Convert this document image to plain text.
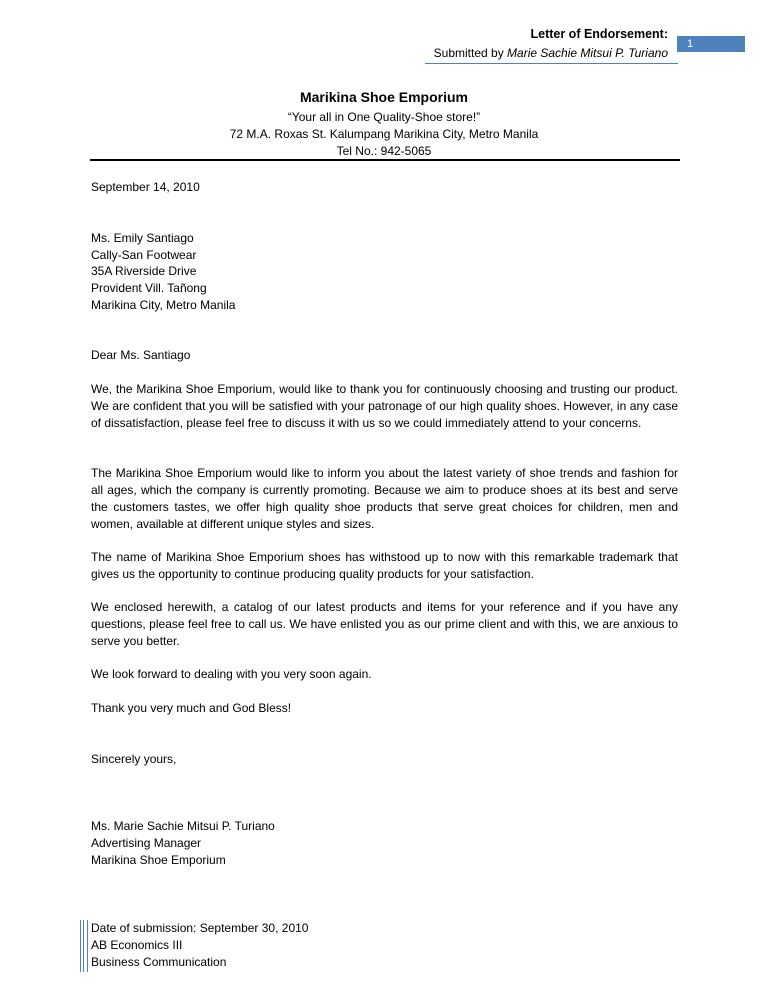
Letter of Endorsement:
Submitted by Marie Sachie Mitsui P. Turiano
1
Marikina Shoe Emporium
“Your all in One Quality-Shoe store!”
72 M.A. Roxas St. Kalumpang Marikina City, Metro Manila
Tel No.: 942-5065
September 14, 2010
Ms. Emily Santiago
Cally-San Footwear
35A Riverside Drive
Provident Vill. Tañong
Marikina City, Metro Manila
Dear Ms. Santiago
We, the Marikina Shoe Emporium, would like to thank you for continuously choosing and trusting our product. We are confident that you will be satisfied with your patronage of our high quality shoes. However, in any case of dissatisfaction, please feel free to discuss it with us so we could immediately attend to your concerns.
The Marikina Shoe Emporium would like to inform you about the latest variety of shoe trends and fashion for all ages, which the company is currently promoting. Because we aim to produce shoes at its best and serve the customers tastes, we offer high quality shoe products that serve great choices for children, men and women, available at different unique styles and sizes.
The name of Marikina Shoe Emporium shoes has withstood up to now with this remarkable trademark that gives us the opportunity to continue producing quality products for your satisfaction.
We enclosed herewith, a catalog of our latest products and items for your reference and if you have any questions, please feel free to call us. We have enlisted you as our prime client and with this, we are anxious to serve you better.
We look forward to dealing with you very soon again.
Thank you very much and God Bless!
Sincerely yours,
Ms. Marie Sachie Mitsui P. Turiano
Advertising Manager
Marikina Shoe Emporium
Date of submission: September 30, 2010
AB Economics III
Business Communication
